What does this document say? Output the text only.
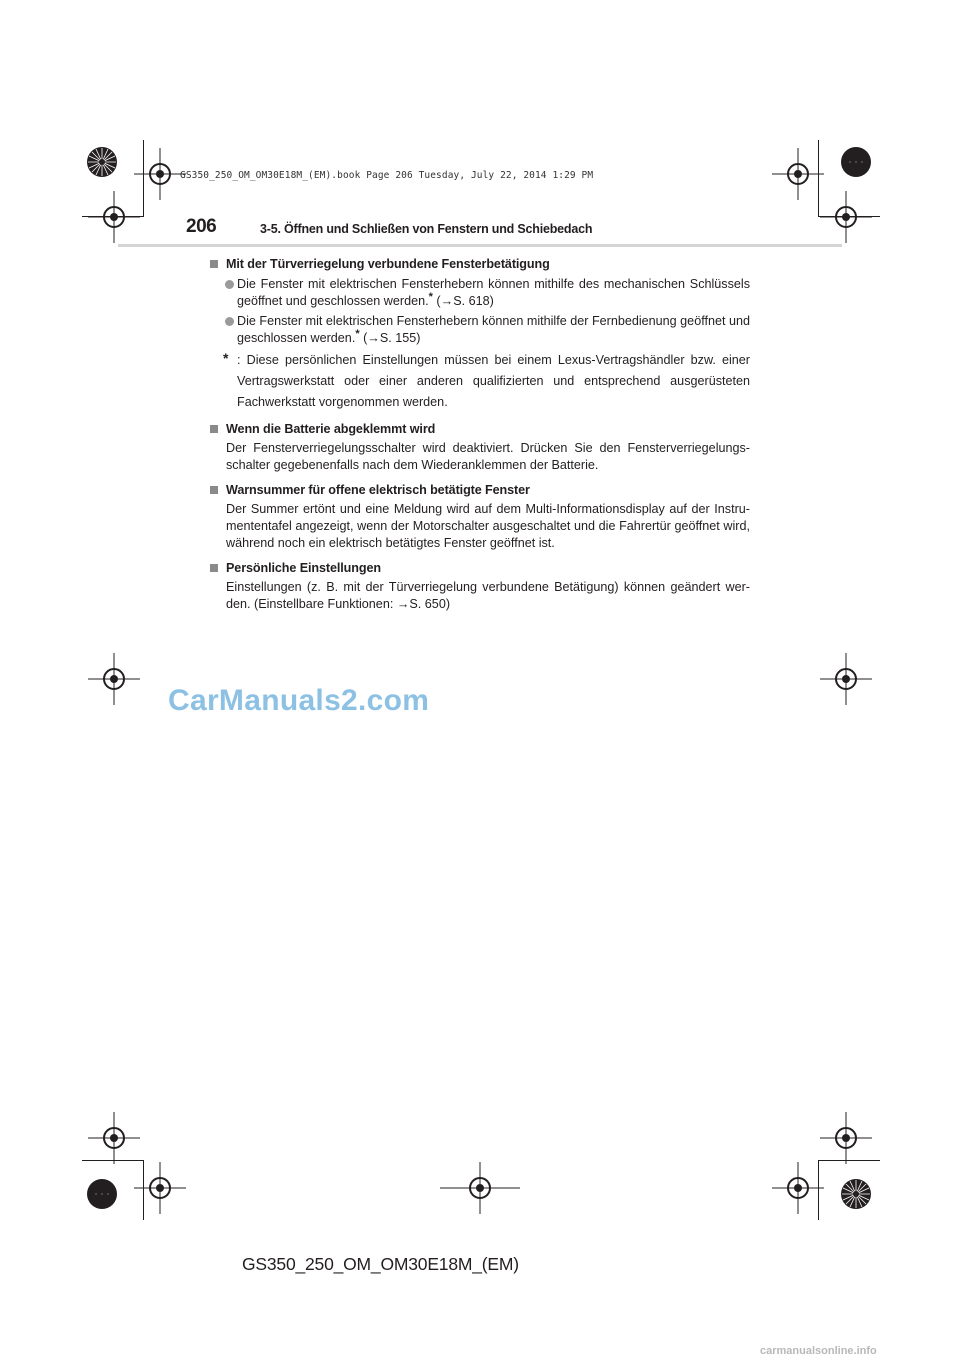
GS350_250_OM_OM30E18M_(EM).book Page 206 Tuesday, July 22, 2014 1:29 PM
206	3-5. Öffnen und Schließen von Fenstern und Schiebedach
Mit der Türverriegelung verbundene Fensterbetätigung
Die Fenster mit elektrischen Fensterhebern können mithilfe des mechanischen Schlüssels geöffnet und geschlossen werden.* (→S. 618)
Die Fenster mit elektrischen Fensterhebern können mithilfe der Fernbedienung geöffnet und geschlossen werden.* (→S. 155)
* : Diese persönlichen Einstellungen müssen bei einem Lexus-Vertragshändler bzw. einer Vertragswerkstatt oder einer anderen qualifizierten und entsprechend ausgerüsteten Fachwerkstatt vorgenommen werden.
Wenn die Batterie abgeklemmt wird
Der Fensterverriegelungsschalter wird deaktiviert. Drücken Sie den Fensterverriegelungs-schalter gegebenenfalls nach dem Wiederanklemmen der Batterie.
Warnsummer für offene elektrisch betätigte Fenster
Der Summer ertönt und eine Meldung wird auf dem Multi-Informationsdisplay auf der Instru-mententafel angezeigt, wenn der Motorschalter ausgeschaltet und die Fahrertür geöffnet wird, während noch ein elektrisch betätigtes Fenster geöffnet ist.
Persönliche Einstellungen
Einstellungen (z. B. mit der Türverriegelung verbundene Betätigung) können geändert wer-den. (Einstellbare Funktionen: →S. 650)
CarManuals2.com
GS350_250_OM_OM30E18M_(EM)
carmanualsonline.info
